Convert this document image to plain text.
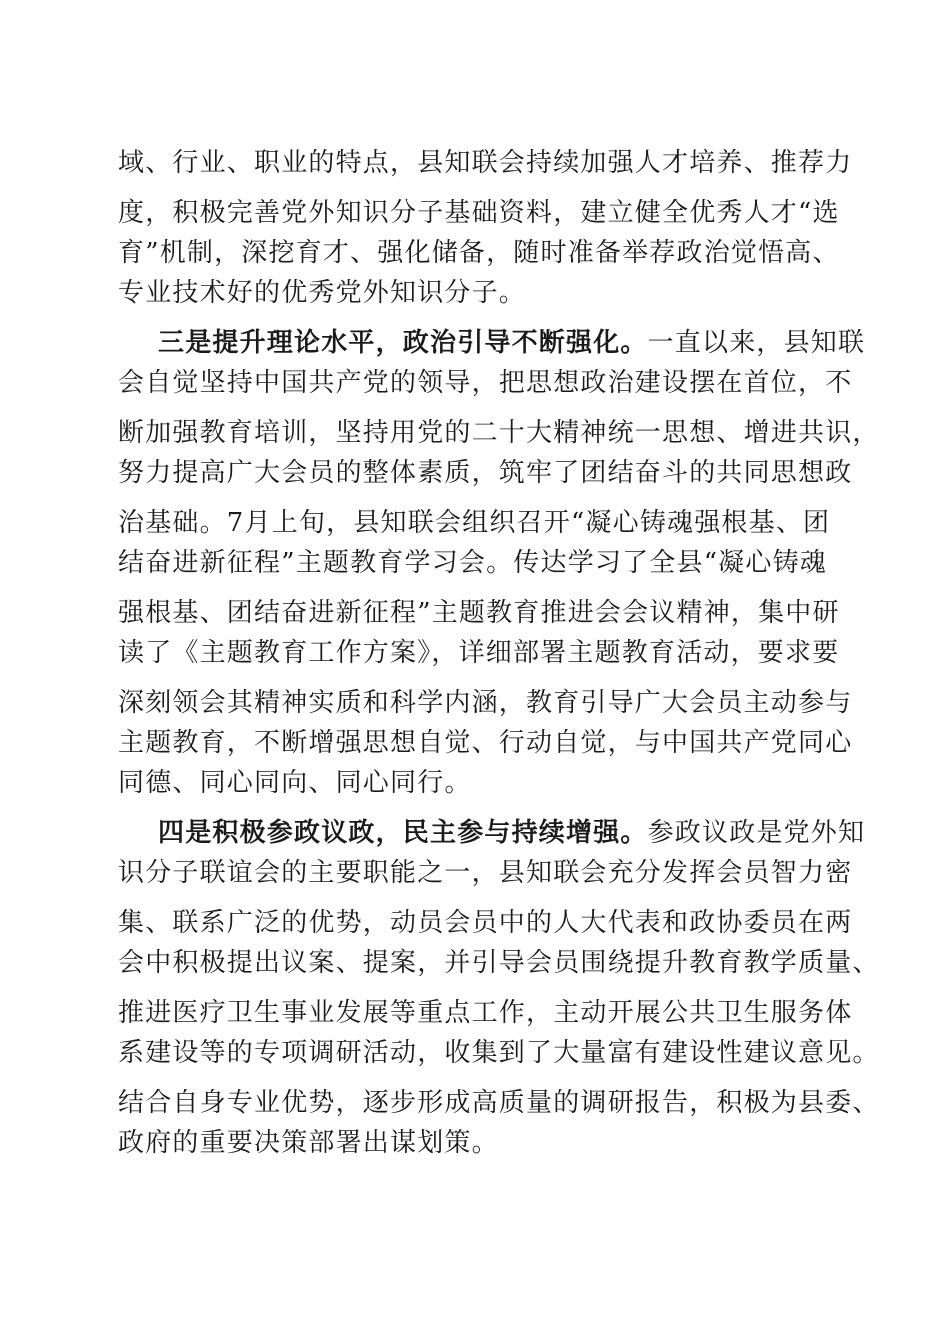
域、行业、职业的特点，县知联会持续加强人才培养、推荐力
度，积极完善党外知识分子基础资料，建立健全优秀人才“选
育”机制，深挖育才、强化储备，随时准备举荐政治觉悟高、
专业技术好的优秀党外知识分子。
三是提升理论水平，政治引导不断强化。一直以来，县知联
会自觉坚持中国共产党的领导，把思想政治建设摆在首位，不
断加强教育培训，坚持用党的二十大精神统一思想、增进共识，
努力提高广大会员的整体素质，筑牢了团结奋斗的共同思想政
治基础。7月上旬，县知联会组织召开“凝心铸魂强根基、团
结奋进新征程”主题教育学习会。传达学习了全县“凝心铸魂
强根基、团结奋进新征程”主题教育推进会会议精神，集中研
读了《主题教育工作方案》，详细部署主题教育活动，要求要
深刻领会其精神实质和科学内涵，教育引导广大会员主动参与
主题教育，不断增强思想自觉、行动自觉，与中国共产党同心
同德、同心同向、同心同行。
四是积极参政议政，民主参与持续增强。参政议政是党外知
识分子联谊会的主要职能之一，县知联会充分发挥会员智力密
集、联系广泛的优势，动员会员中的人大代表和政协委员在两
会中积极提出议案、提案，并引导会员围绕提升教育教学质量、
推进医疗卫生事业发展等重点工作，主动开展公共卫生服务体
系建设等的专项调研活动，收集到了大量富有建设性建议意见。
结合自身专业优势，逐步形成高质量的调研报告，积极为县委、
政府的重要决策部署出谋划策。
